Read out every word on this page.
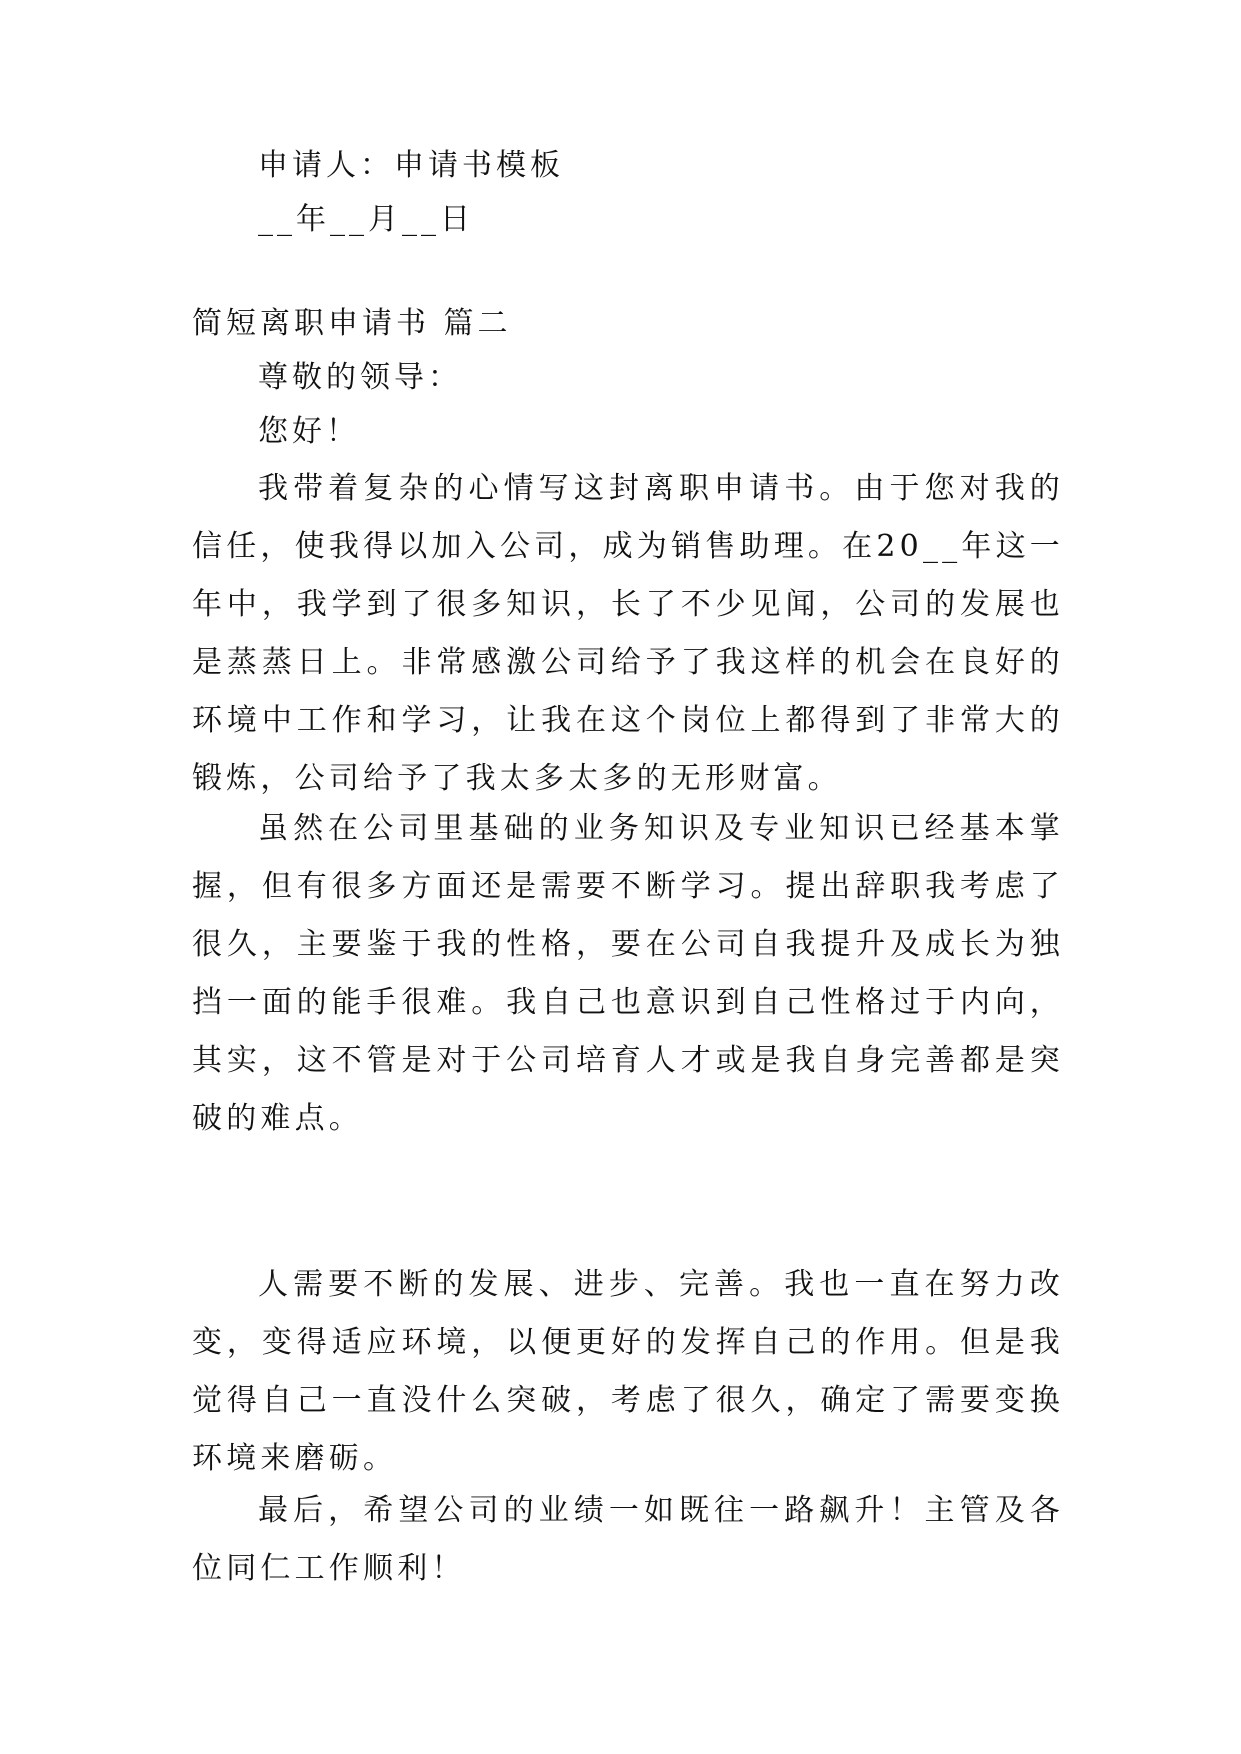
申请人：申请书模板
__年__月__日
简短离职申请书 篇二
尊敬的领导：
您好！

我带着复杂的心情写这封离职申请书。由于您对我的信任，使我得以加入公司，成为销售助理。在20__年这一年中，我学到了很多知识，长了不少见闻，公司的发展也是蒸蒸日上。非常感激公司给予了我这样的机会在良好的环境中工作和学习，让我在这个岗位上都得到了非常大的锻炼，公司给予了我太多太多的无形财富。

虽然在公司里基础的业务知识及专业知识已经基本掌握，但有很多方面还是需要不断学习。提出辞职我考虑了很久，主要鉴于我的性格，要在公司自我提升及成长为独挡一面的能手很难。我自己也意识到自己性格过于内向，其实，这不管是对于公司培育人才或是我自身完善都是突破的难点。

人需要不断的发展、进步、完善。我也一直在努力改变，变得适应环境，以便更好的发挥自己的作用。但是我觉得自己一直没什么突破，考虑了很久，确定了需要变换环境来磨砺。

最后，希望公司的业绩一如既往一路飙升！主管及各位同仁工作顺利！
